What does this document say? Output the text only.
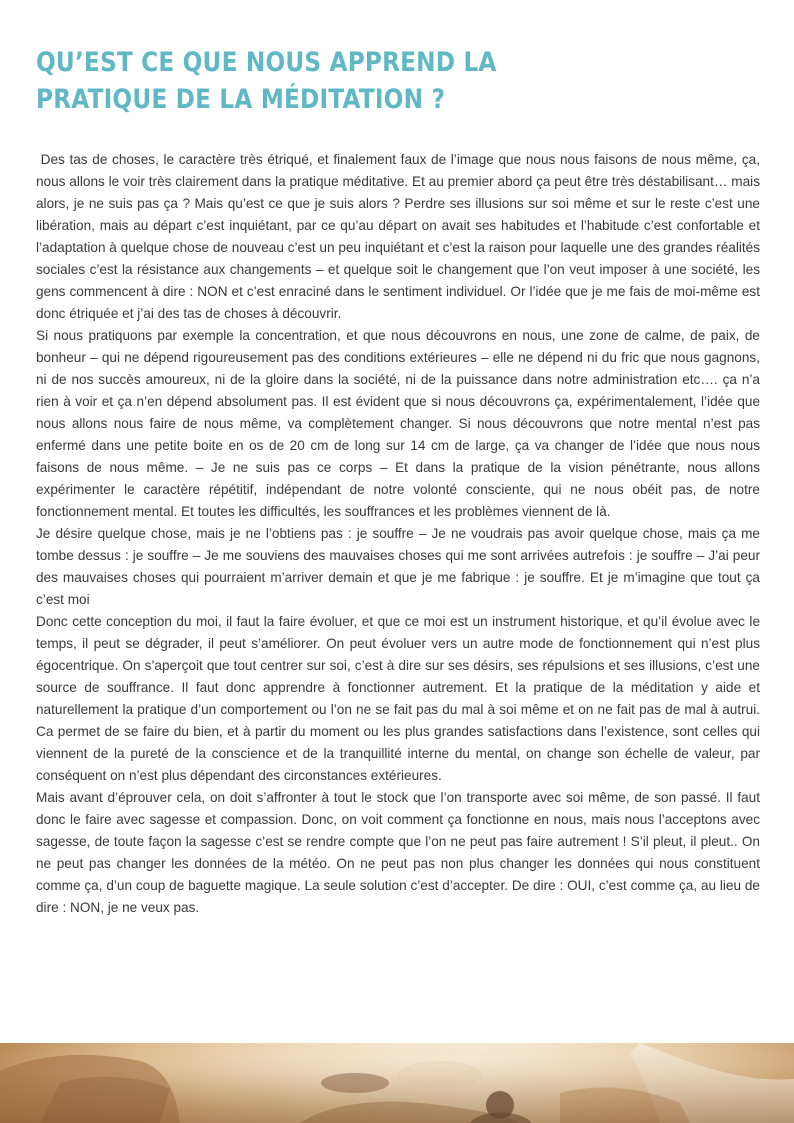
QU’EST CE QUE NOUS APPREND LA
PRATIQUE DE LA MÉDITATION ?

Des tas de choses, le caractère très étriqué, et finalement faux de l’image que nous nous faisons de nous même, ça, nous allons le voir très clairement dans la pratique méditative. Et au premier abord ça peut être très déstabilisant… mais alors, je ne suis pas ça ? Mais qu’est ce que je suis alors ? Perdre ses illusions sur soi même et sur le reste c’est une libération, mais au départ c’est inquiétant, par ce qu’au départ on avait ses habitudes et l’habitude c’est confortable et l’adaptation à quelque chose de nouveau c’est un peu inquiétant et c’est la raison pour laquelle une des grandes réalités sociales c’est la résistance aux changements – et quelque soit le changement que l’on veut imposer à une société, les gens commencent à dire : NON et c’est enraciné dans le sentiment individuel. Or l’idée que je me fais de moi-même est donc étriquée et j’ai des tas de choses à découvrir.

Si nous pratiquons par exemple la concentration, et que nous découvrons en nous, une zone de calme, de paix, de bonheur – qui ne dépend rigoureusement pas des conditions extérieures – elle ne dépend ni du fric que nous gagnons, ni de nos succès amoureux, ni de la gloire dans la société, ni de la puissance dans notre administration etc…. ça n’a rien à voir et ça n’en dépend absolument pas. Il est évident que si nous découvrons ça, expérimentalement, l’idée que nous allons nous faire de nous même, va complètement changer. Si nous découvrons que notre mental n’est pas enfermé dans une petite boite en os de 20 cm de long sur 14 cm de large, ça va changer de l’idée que nous nous faisons de nous même. – Je ne suis pas ce corps – Et dans la pratique de la vision pénétrante, nous allons expérimenter le caractère répétitif, indépendant de notre volonté consciente, qui ne nous obéit pas, de notre fonctionnement mental. Et toutes les difficultés, les souffrances et les problèmes viennent de là.

Je désire quelque chose, mais je ne l’obtiens pas : je souffre – Je ne voudrais pas avoir quelque chose, mais ça me tombe dessus : je souffre – Je me souviens des mauvaises choses qui me sont arrivées autrefois : je souffre – J’ai peur des mauvaises choses qui pourraient m’arriver demain et que je me fabrique : je souffre. Et je m’imagine que tout ça c’est moi

Donc cette conception du moi, il faut la faire évoluer, et que ce moi est un instrument historique, et qu’il évolue avec le temps, il peut se dégrader, il peut s’améliorer. On peut évoluer vers un autre mode de fonctionnement qui n’est plus égocentrique. On s’aperçoit que tout centrer sur soi, c’est à dire sur ses désirs, ses répulsions et ses illusions, c’est une source de souffrance. Il faut donc apprendre à fonctionner autrement. Et la pratique de la méditation y aide et naturellement la pratique d’un comportement ou l’on ne se fait pas du mal à soi même et on ne fait pas de mal à autrui. Ca permet de se faire du bien, et à partir du moment ou les plus grandes satisfactions dans l’existence, sont celles qui viennent de la pureté de la conscience et de la tranquillité interne du mental, on change son échelle de valeur, par conséquent on n’est plus dépendant des circonstances extérieures.

Mais avant d’éprouver cela, on doit s’affronter à tout le stock que l’on transporte avec soi même, de son passé. Il faut donc le faire avec sagesse et compassion. Donc, on voit comment ça fonctionne en nous, mais nous l’acceptons avec sagesse, de toute façon la sagesse c’est se rendre compte que l’on ne peut pas faire autrement ! S’il pleut, il pleut.. On ne peut pas changer les données de la météo. On ne peut pas non plus changer les données qui nous constituent comme ça, d’un coup de baguette magique. La seule solution c’est d’accepter. De dire : OUI, c’est comme ça, au lieu de dire : NON, je ne veux pas.
